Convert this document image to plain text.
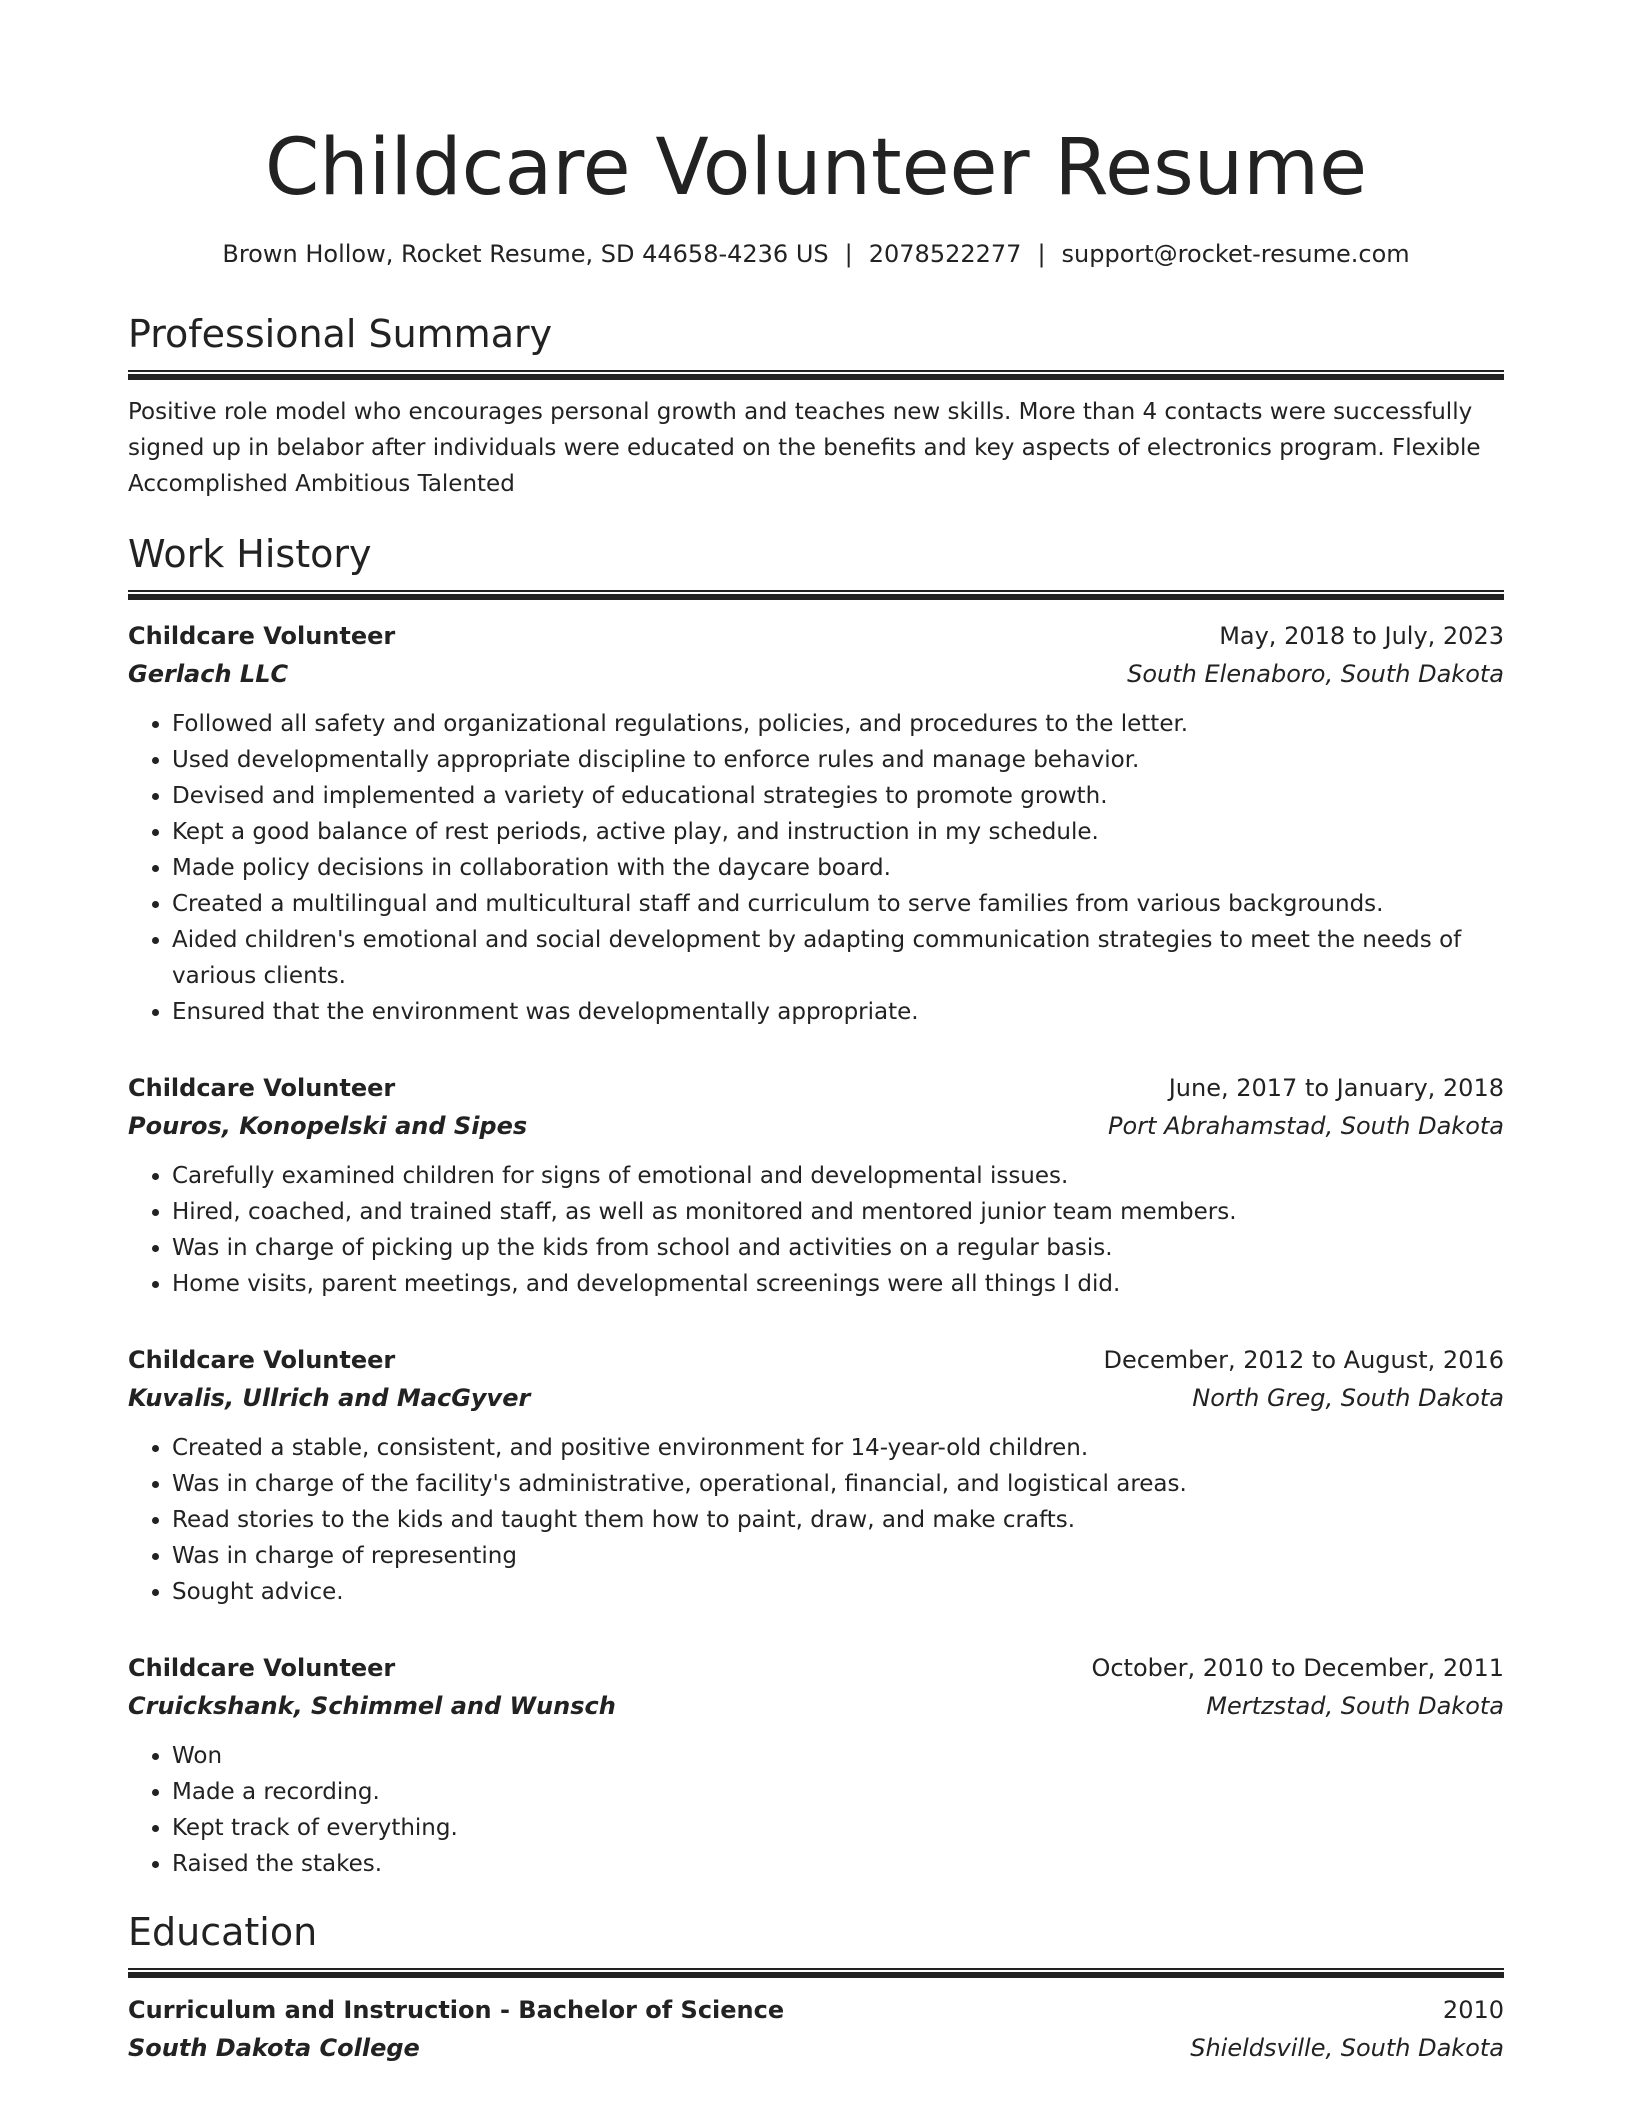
Childcare Volunteer Resume
Brown Hollow, Rocket Resume, SD 44658-4236 US | 2078522277 | support@rocket-resume.com
Professional Summary
Positive role model who encourages personal growth and teaches new skills. More than 4 contacts were successfully signed up in belabor after individuals were educated on the benefits and key aspects of electronics program. Flexible Accomplished Ambitious Talented
Work History
Childcare Volunteer	May, 2018 to July, 2023
Gerlach LLC	South Elenaboro, South Dakota
• Followed all safety and organizational regulations, policies, and procedures to the letter.
• Used developmentally appropriate discipline to enforce rules and manage behavior.
• Devised and implemented a variety of educational strategies to promote growth.
• Kept a good balance of rest periods, active play, and instruction in my schedule.
• Made policy decisions in collaboration with the daycare board.
• Created a multilingual and multicultural staff and curriculum to serve families from various backgrounds.
• Aided children's emotional and social development by adapting communication strategies to meet the needs of various clients.
• Ensured that the environment was developmentally appropriate.
Childcare Volunteer	June, 2017 to January, 2018
Pouros, Konopelski and Sipes	Port Abrahamstad, South Dakota
• Carefully examined children for signs of emotional and developmental issues.
• Hired, coached, and trained staff, as well as monitored and mentored junior team members.
• Was in charge of picking up the kids from school and activities on a regular basis.
• Home visits, parent meetings, and developmental screenings were all things I did.
Childcare Volunteer	December, 2012 to August, 2016
Kuvalis, Ullrich and MacGyver	North Greg, South Dakota
• Created a stable, consistent, and positive environment for 14-year-old children.
• Was in charge of the facility's administrative, operational, financial, and logistical areas.
• Read stories to the kids and taught them how to paint, draw, and make crafts.
• Was in charge of representing
• Sought advice.
Childcare Volunteer	October, 2010 to December, 2011
Cruickshank, Schimmel and Wunsch	Mertzstad, South Dakota
• Won
• Made a recording.
• Kept track of everything.
• Raised the stakes.
Education
Curriculum and Instruction - Bachelor of Science	2010
South Dakota College	Shieldsville, South Dakota
